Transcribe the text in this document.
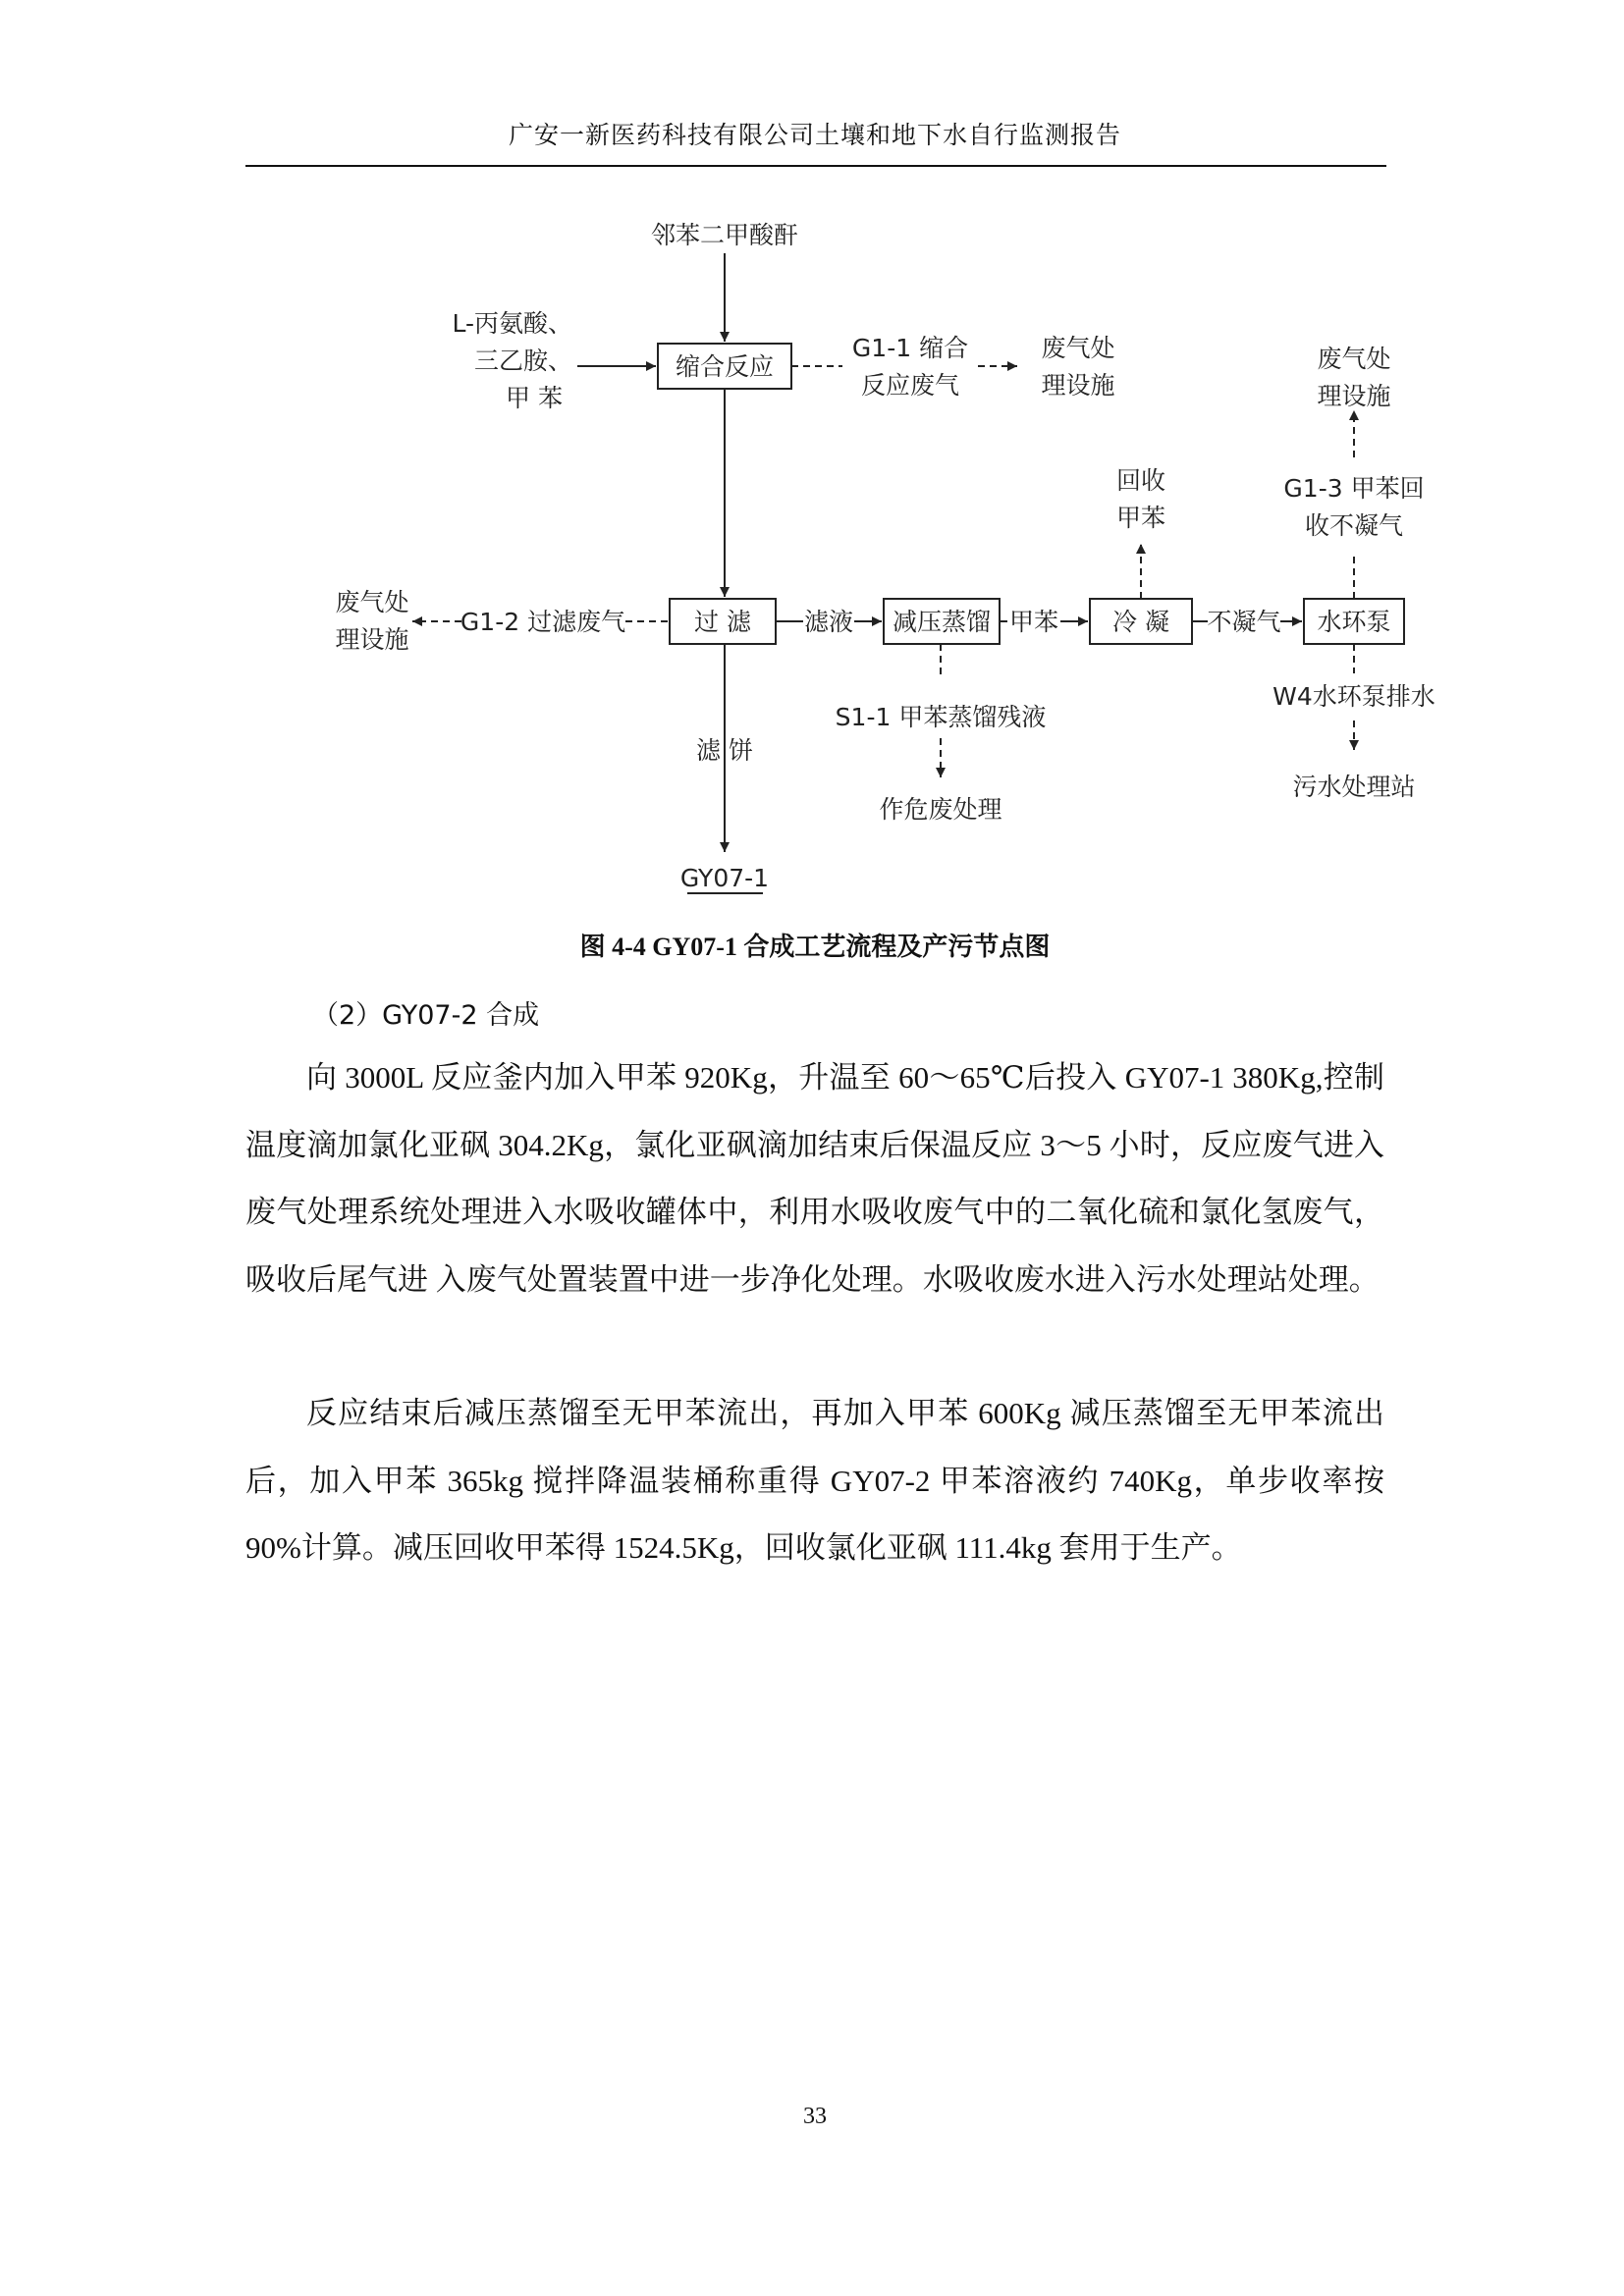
广安一新医药科技有限公司土壤和地下水自行监测报告
缩合反应
过 滤	减压蒸馏	冷 凝	水环泵
邻苯二甲酸酐
L-丙氨酸、
三乙胺、
甲 苯
G1-1 缩合
反应废气
废气处
理设施
废气处
理设施
回收
甲苯
G1-3 甲苯回
收不凝气
废气处
理设施
G1-2 过滤废气	滤液	甲苯	不凝气
S1-1 甲苯蒸馏残液
W4水环泵排水
滤 饼
作危废处理
污水处理站
GY07-1
图 4-4 GY07-1 合成工艺流程及产污节点图
（2）GY07-2 合成

向 3000L 反应釜内加入甲苯 920Kg，升温至 60～65℃后投入 GY07-1 380Kg,控制温度滴加氯化亚砜 304.2Kg，氯化亚砜滴加结束后保温反应 3～5 小时，反应废气进入废气处理系统处理进入水吸收罐体中，利用水吸收废气中的二氧化硫和氯化氢废气，吸收后尾气进 入废气处置装置中进一步净化处理。水吸收废水进入污水处理站处理。

反应结束后减压蒸馏至无甲苯流出，再加入甲苯 600Kg 减压蒸馏至无甲苯流出后，加入甲苯 365kg 搅拌降温装桶称重得 GY07-2 甲苯溶液约 740Kg，单步收率按 90%计算。减压回收甲苯得 1524.5Kg，回收氯化亚砜 111.4kg 套用于生产。

33
